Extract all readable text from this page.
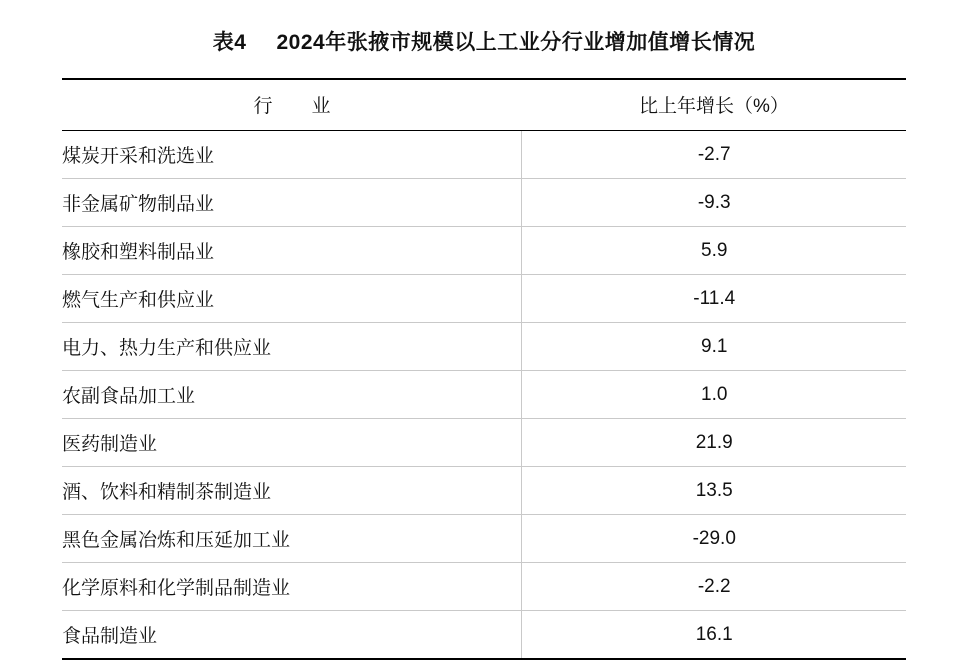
表4 2024年张掖市规模以上工业分行业增加值增长情况
行　业	比上年增长（%）
煤炭开采和洗选业	-2.7
非金属矿物制品业	-9.3
橡胶和塑料制品业	5.9
燃气生产和供应业	-11.4
电力、热力生产和供应业	9.1
农副食品加工业	1.0
医药制造业	21.9
酒、饮料和精制茶制造业	13.5
黑色金属冶炼和压延加工业	-29.0
化学原料和化学制品制造业	-2.2
食品制造业	16.1
